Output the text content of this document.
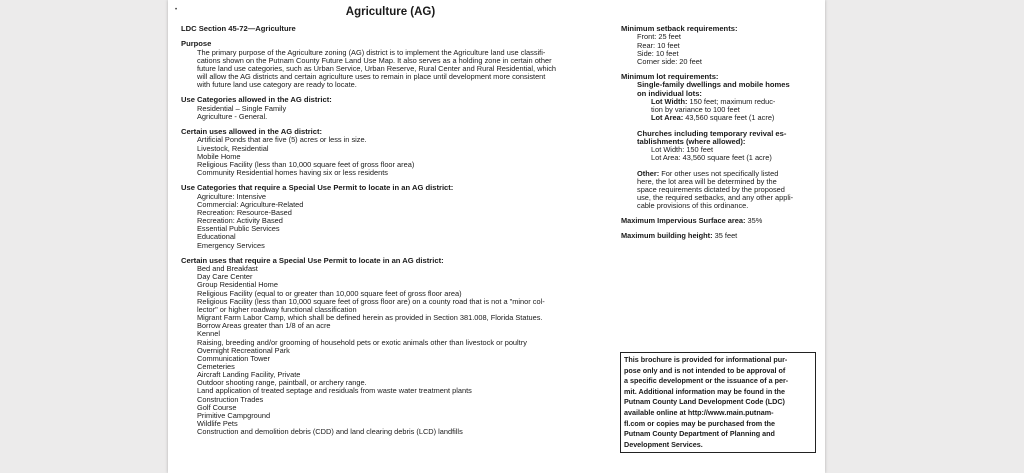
•	Agriculture (AG)
LDC Section 45-72—Agriculture
Purpose
The primary purpose of the Agriculture zoning (AG) district is to implement the Agriculture land use classifi-
cations shown on the Putnam County Future Land Use Map. It also serves as a holding zone in certain other
future land use categories, such as Urban Service, Urban Reserve, Rural Center and Rural Residential, which
will allow the AG districts and certain agriculture uses to remain in place until development more consistent
with future land use category are ready to locate.
Use Categories allowed in the AG district:
Residential – Single Family
Agriculture - General.
Certain uses allowed in the AG district:
Artificial Ponds that are five (5) acres or less in size.
Livestock, Residential
Mobile Home
Religious Facility (less than 10,000 square feet of gross floor area)
Community Residential homes having six or less residents
Use Categories that require a Special Use Permit to locate in an AG district:
Agriculture: Intensive
Commercial: Agriculture-Related
Recreation: Resource-Based
Recreation: Activity Based
Essential Public Services
Educational
Emergency Services
Certain uses that require a Special Use Permit to locate in an AG district:
Bed and Breakfast
Day Care Center
Group Residential Home
Religious Facility (equal to or greater than 10,000 square feet of gross floor area)
Religious Facility (less than 10,000 square feet of gross floor are) on a county road that is not a "minor col-
lector" or higher roadway functional classification
Migrant Farm Labor Camp, which shall be defined herein as provided in Section 381.008, Florida Statues.
Borrow Areas greater than 1/8 of an acre
Kennel
Raising, breeding and/or grooming of household pets or exotic animals other than livestock or poultry
Overnight Recreational Park
Communication Tower
Cemeteries
Aircraft Landing Facility, Private
Outdoor shooting range, paintball, or archery range.
Land application of treated septage and residuals from waste water treatment plants
Construction Trades
Golf Course
Primitive Campground
Wildlife Pets
Construction and demolition debris (CDD) and land clearing debris (LCD) landfills
Minimum setback requirements:
Front: 25 feet
Rear: 10 feet
Side: 10 feet
Corner side: 20 feet
Minimum lot requirements:
Single-family dwellings and mobile homes
on individual lots:
Lot Width: 150 feet; maximum reduc-
tion by variance to 100 feet
Lot Area: 43,560 square feet (1 acre)
Churches including temporary revival es-
tablishments (where allowed):
Lot Width: 150 feet
Lot Area: 43,560 square feet (1 acre)
Other: For other uses not specifically listed
here, the lot area will be determined by the
space requirements dictated by the proposed
use, the required setbacks, and any other appli-
cable provisions of this ordinance.
Maximum Impervious Surface area: 35%
Maximum building height: 35 feet
This brochure is provided for informational pur-
pose only and is not intended to be approval of
a specific development or the issuance of a per-
mit. Additional information may be found in the
Putnam County Land Development Code (LDC)
available online at http://www.main.putnam-
fl.com or copies may be purchased from the
Putnam County Department of Planning and
Development Services.
